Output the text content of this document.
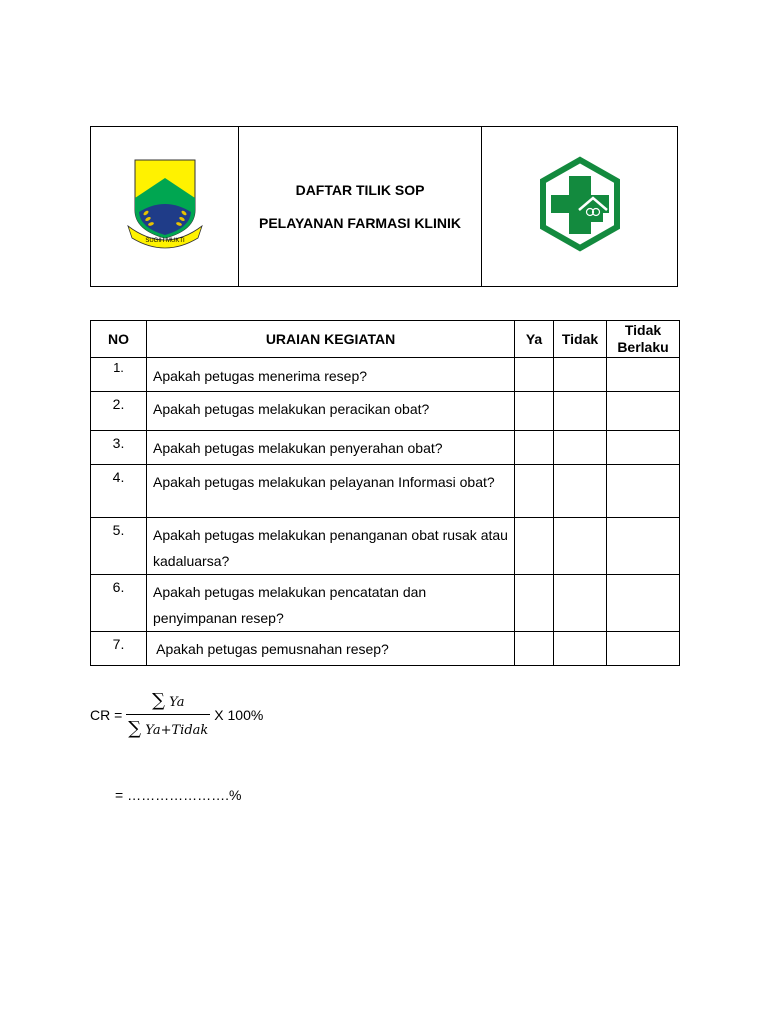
SUGIH MUKTI

DAFTAR TILIK SOP
PELAYANAN FARMASI KLINIK

NO	URAIAN KEGIATAN	Ya	Tidak	Tidak
Berlaku
1.	Apakah petugas menerima resep?			
2.	Apakah petugas melakukan peracikan obat?			
3.	Apakah petugas melakukan penyerahan obat?			
4.	Apakah petugas melakukan pelayanan Informasi obat?			
5.	Apakah petugas melakukan penanganan obat rusak atau kadaluarsa?			
6.	Apakah petugas melakukan pencatatan dan penyimpanan resep?			
7.	Apakah petugas pemusnahan resep?			
CR = $\frac{\sum Ya}{\text{∑ Ya+Tidak}}$ X 100%
= ………………….%
